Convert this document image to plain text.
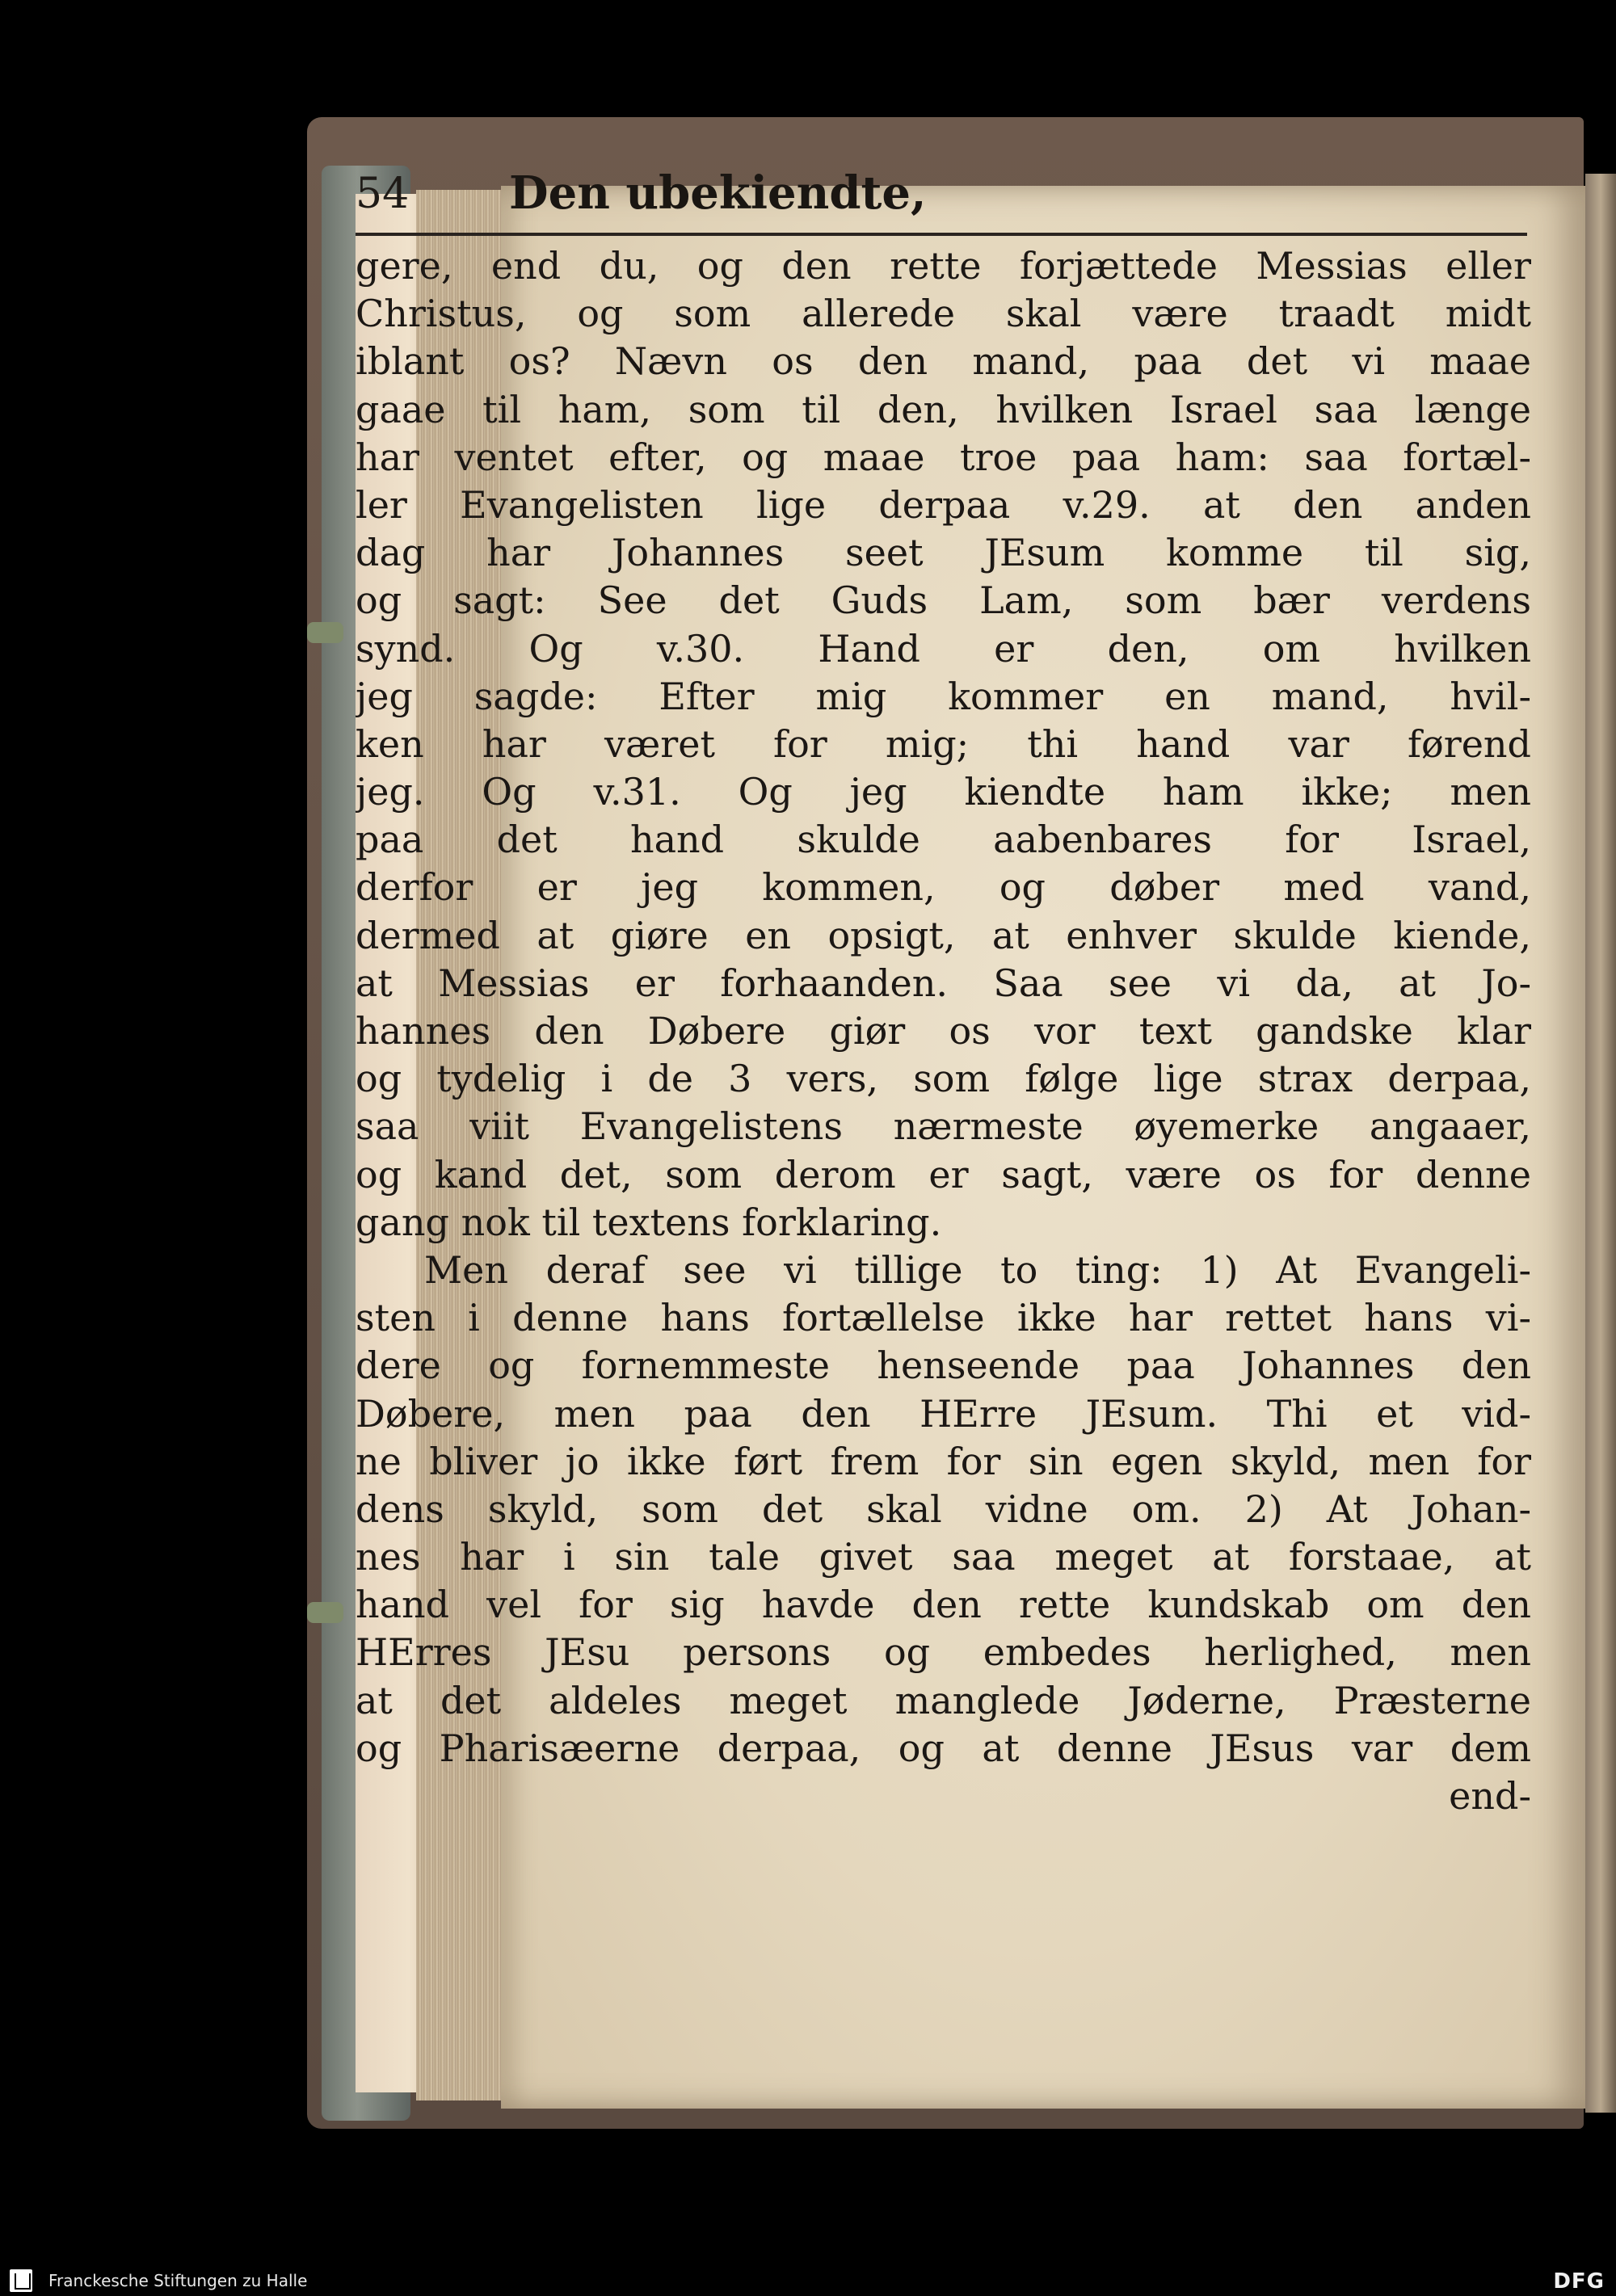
54 Den ubekiendte,
gere, end du, og den rette forjættede Messias eller
Christus, og som allerede skal være traadt midt
iblant os? Nævn os den mand, paa det vi maae
gaae til ham, som til den, hvilken Israel saa længe
har ventet efter, og maae troe paa ham: saa fortæl-
ler Evangelisten lige derpaa v.29. at den anden
dag har Johannes seet JEsum komme til sig,
og sagt: See det Guds Lam, som bær verdens
synd. Og v.30. Hand er den, om hvilken
jeg sagde: Efter mig kommer en mand, hvil-
ken har været for mig; thi hand var førend
jeg. Og v.31. Og jeg kiendte ham ikke; men
paa det hand skulde aabenbares for Israel,
derfor er jeg kommen, og døber med vand,
dermed at giøre en opsigt, at enhver skulde kiende,
at Messias er forhaanden. Saa see vi da, at Jo-
hannes den Døbere giør os vor text gandske klar
og tydelig i de 3 vers, som følge lige strax derpaa,
saa viit Evangelistens nærmeste øyemerke angaaer,
og kand det, som derom er sagt, være os for denne
gang nok til textens forklaring.
Men deraf see vi tillige to ting: 1) At Evangeli-
sten i denne hans fortællelse ikke har rettet hans vi-
dere og fornemmeste henseende paa Johannes den
Døbere, men paa den HErre JEsum. Thi et vid-
ne bliver jo ikke ført frem for sin egen skyld, men for
dens skyld, som det skal vidne om. 2) At Johan-
nes har i sin tale givet saa meget at forstaae, at
hand vel for sig havde den rette kundskab om den
HErres JEsu persons og embedes herlighed, men
at det aldeles meget manglede Jøderne, Præsterne
og Pharisæerne derpaa, og at denne JEsus var dem
end-
Franckesche Stiftungen zu Halle	DFG
